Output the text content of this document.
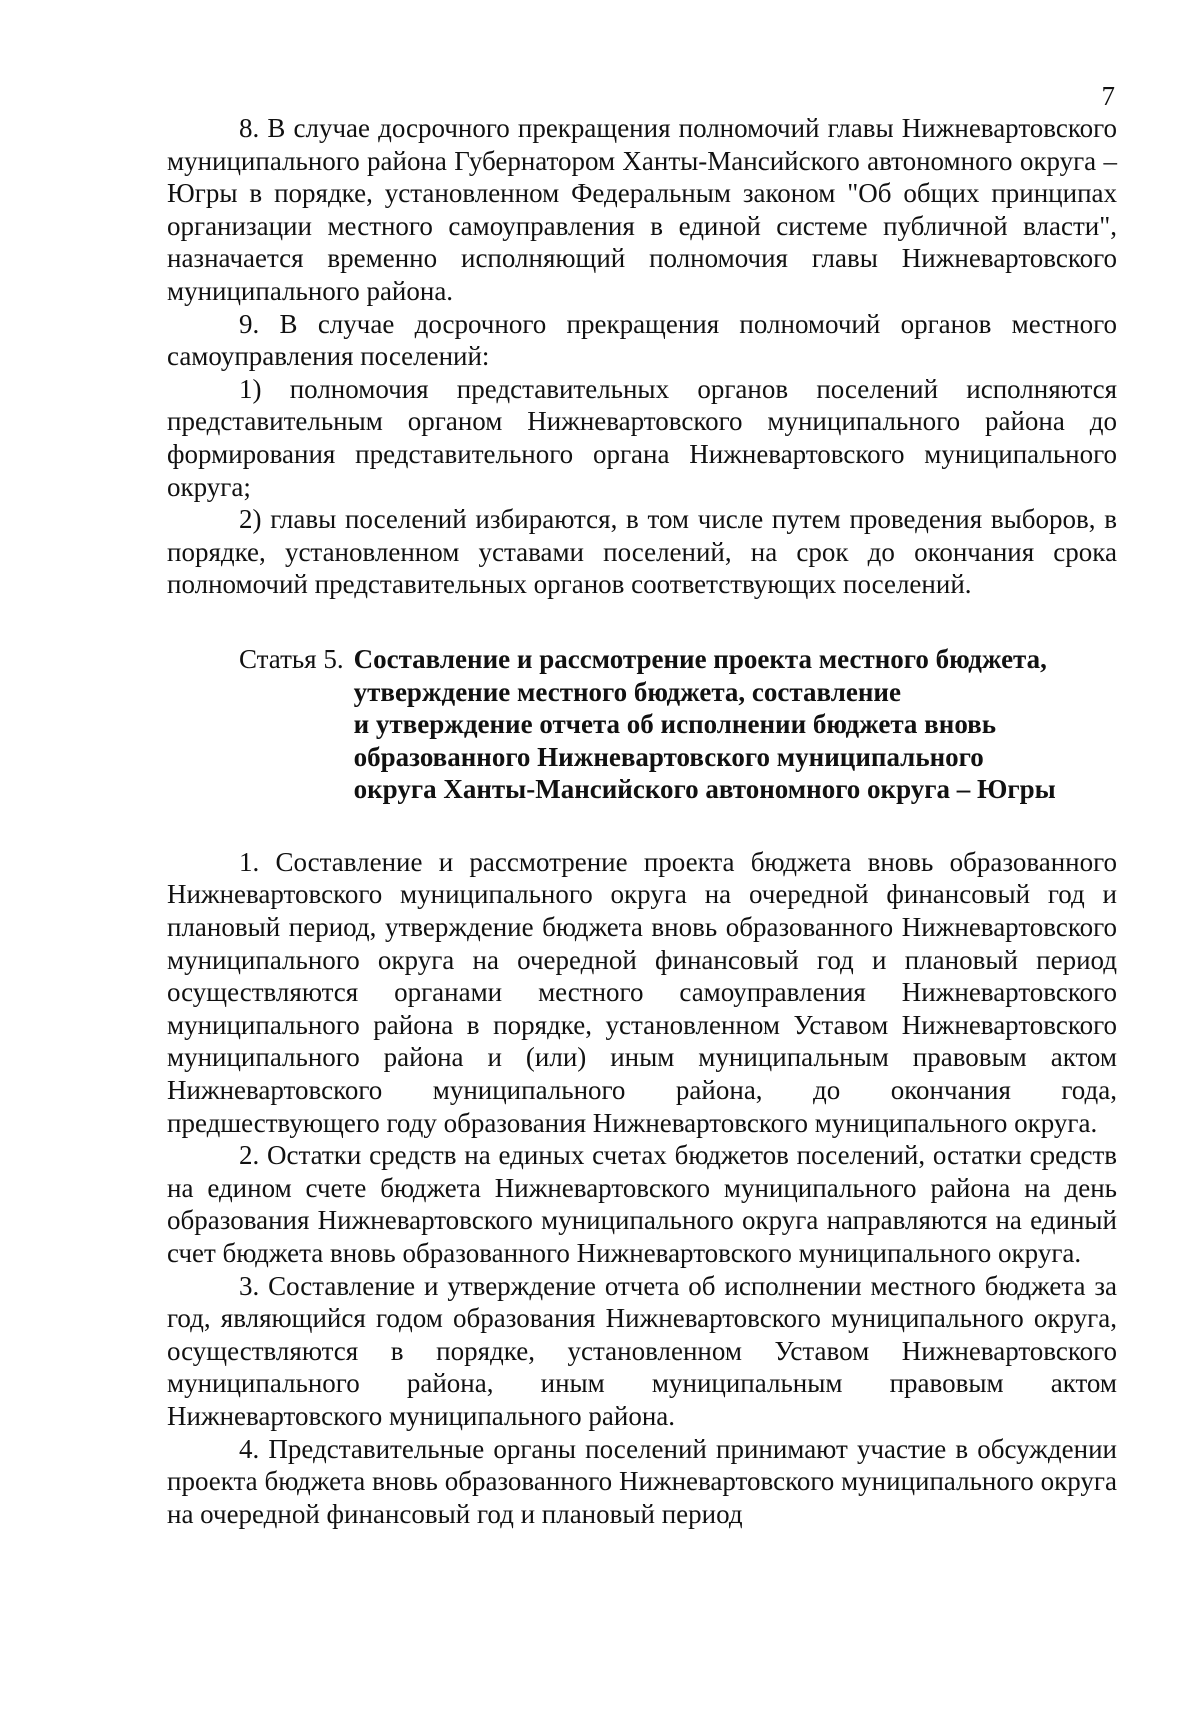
7

8. В случае досрочного прекращения полномочий главы Нижневартовского муниципального района Губернатором Ханты-Мансийского автономного округа – Югры в порядке, установленном Федеральным законом "Об общих принципах организации местного самоуправления в единой системе публичной власти", назначается временно исполняющий полномочия главы Нижневартовского муниципального района.

9. В случае досрочного прекращения полномочий органов местного самоуправления поселений:

1) полномочия представительных органов поселений исполняются представительным органом Нижневартовского муниципального района до формирования представительного органа Нижневартовского муниципального округа;

2) главы поселений избираются, в том числе путем проведения выборов, в порядке, установленном уставами поселений, на срок до окончания срока полномочий представительных органов соответствующих поселений.

Статья 5. Составление и рассмотрение проекта местного бюджета,
утверждение местного бюджета, составление
и утверждение отчета об исполнении бюджета вновь
образованного Нижневартовского муниципального
округа Ханты-Мансийского автономного округа – Югры

1. Составление и рассмотрение проекта бюджета вновь образованного Нижневартовского муниципального округа на очередной финансовый год и плановый период, утверждение бюджета вновь образованного Нижневартовского муниципального округа на очередной финансовый год и плановый период осуществляются органами местного самоуправления Нижневартовского муниципального района в порядке, установленном Уставом Нижневартовского муниципального района и (или) иным муниципальным правовым актом Нижневартовского муниципального района, до окончания года, предшествующего году образования Нижневартовского муниципального округа.

2. Остатки средств на единых счетах бюджетов поселений, остатки средств на едином счете бюджета Нижневартовского муниципального района на день образования Нижневартовского муниципального округа направляются на единый счет бюджета вновь образованного Нижневартовского муниципального округа.

3. Составление и утверждение отчета об исполнении местного бюджета за год, являющийся годом образования Нижневартовского муниципального округа, осуществляются в порядке, установленном Уставом Нижневартовского муниципального района, иным муниципальным правовым актом Нижневартовского муниципального района.

4. Представительные органы поселений принимают участие в обсуждении проекта бюджета вновь образованного Нижневартовского муниципального округа на очередной финансовый год и плановый период
